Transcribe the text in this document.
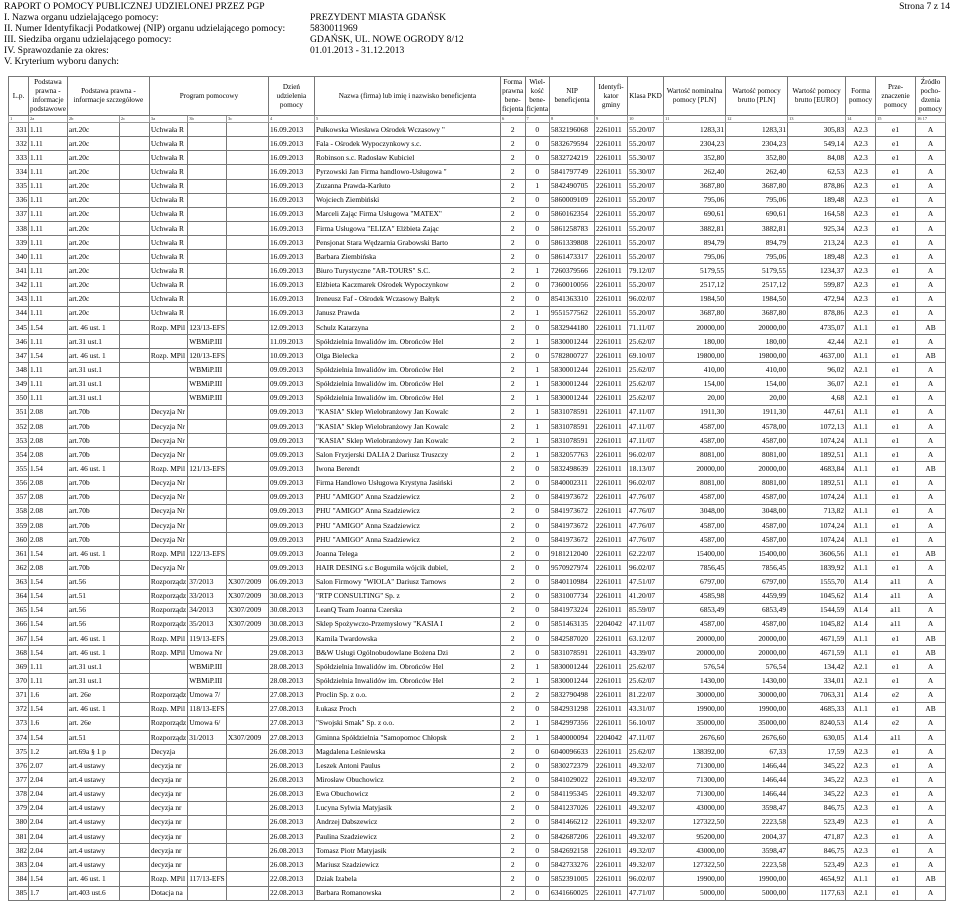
RAPORT O POMOCY PUBLICZNEJ UDZIELONEJ PRZEZ PGP	Strona 7 z 14
I. Nazwa organu udzielającego pomocy:	PREZYDENT MIASTA GDAŃSK
II. Numer Identyfikacji Podatkowej (NIP) organu udzielającego pomocy:	5830011969
III. Siedziba organu udzielającego pomocy:	GDAŃSK, UL. NOWE OGRODY 8/12
IV. Sprawozdanie za okres:	01.01.2013 - 31.12.2013
V. Kryterium wyboru danych:
L.p.	Podstawa prawna - informacje podstawowe	Podstawa prawna - informacje szczegółowe		Program pomocowy			Dzień udzielenia pomocy	Nazwa (firma) lub imię i nazwisko beneficjenta	Forma prawna bene-ficjenta	Wiel-kość bene-ficjenta	NIP beneficjenta	Identyfi-kator gminy	Klasa PKD	Wartość nominalna pomocy [PLN]	Wartość pomocy brutto [PLN]	Wartość pomocy brutto [EURO]	Forma pomocy	Prze-znaczenie pomocy	Źródło pocho-dzenia pomocy
1	2a	2b	2c	3a	3b	3c	4	5	6	7	8	9	10	11	12	13	14	15	16 17
331	1.11	art.20c		Uchwała R			16.09.2013	Pułkowska Wiesława Ośrodek Wczasowy "	2	0	5832196068	2261011	55.20/07	1283,31	1283,31	305,83	A2.3	e1	A
332	1.11	art.20c		Uchwała R			16.09.2013	Fala - Ośrodek Wypoczynkowy s.c.	2	0	5832679594	2261011	55.20/07	2304,23	2304,23	549,14	A2.3	e1	A
333	1.11	art.20c		Uchwała R			16.09.2013	Robinson s.c. Radosław Kubiciel	2	0	5832724219	2261011	55.30/07	352,80	352,80	84,08	A2.3	e1	A
334	1.11	art.20c		Uchwała R			16.09.2013	Pyrzowski Jan Firma handlowo-Usługowa "	2	0	5841797749	2261011	55.30/07	262,40	262,40	62,53	A2.3	e1	A
335	1.11	art.20c		Uchwała R			16.09.2013	Zuzanna Prawda-Karłuto	2	1	5842490705	2261011	55.20/07	3687,80	3687,80	878,86	A2.3	e1	A
336	1.11	art.20c		Uchwała R			16.09.2013	Wojciech Ziembiński	2	0	5860009109	2261011	55.20/07	795,06	795,06	189,48	A2.3	e1	A
337	1.11	art.20c		Uchwała R			16.09.2013	Marceli Zając Firma Usługowa "MATEX"	2	0	5860162354	2261011	55.20/07	690,61	690,61	164,58	A2.3	e1	A
338	1.11	art.20c		Uchwała R			16.09.2013	Firma Usługowa "ELIZA" Elżbieta Zając	2	0	5861258783	2261011	55.20/07	3882,81	3882,81	925,34	A2.3	e1	A
339	1.11	art.20c		Uchwała R			16.09.2013	Pensjonat Stara Wędzarnia Grabowski Barto	2	0	5861339808	2261011	55.20/07	894,79	894,79	213,24	A2.3	e1	A
340	1.11	art.20c		Uchwała R			16.09.2013	Barbara Ziembińska	2	0	5861473317	2261011	55.20/07	795,06	795,06	189,48	A2.3	e1	A
341	1.11	art.20c		Uchwała R			16.09.2013	Biuro Turystyczne "AR-TOURS" S.C.	2	1	7260379566	2261011	79.12/07	5179,55	5179,55	1234,37	A2.3	e1	A
342	1.11	art.20c		Uchwała R			16.09.2013	Elżbieta Kaczmarek Ośrodek Wypoczynkow	2	0	7360010056	2261011	55.20/07	2517,12	2517,12	599,87	A2.3	e1	A
343	1.11	art.20c		Uchwała R			16.09.2013	Ireneusz Faf - Ośrodek Wczasowy Bałtyk	2	0	8541363310	2261011	96.02/07	1984,50	1984,50	472,94	A2.3	e1	A
344	1.11	art.20c		Uchwała R			16.09.2013	Janusz Prawda	2	1	9551577562	2261011	55.20/07	3687,80	3687,80	878,86	A2.3	e1	A
345	1.54	art. 46 ust. 1		Rozp. MPil	123/13-EFS		12.09.2013	Schulz Katarzyna	2	0	5832944180	2261011	71.11/07	20000,00	20000,00	4735,07	A1.1	e1	AB
346	1.11	art.31 ust.1			WBMiP.III		11.09.2013	Spółdzielnia Inwalidów im. Obrońców Hel	2	1	5830001244	2261011	25.62/07	180,00	180,00	42,44	A2.1	e1	A
347	1.54	art. 46 ust. 1		Rozp. MPil	120/13-EFS		10.09.2013	Olga Bielecka	2	0	5782800727	2261011	69.10/07	19800,00	19800,00	4637,00	A1.1	e1	AB
348	1.11	art.31 ust.1			WBMiP.III		09.09.2013	Spółdzielnia Inwalidów im. Obrońców Hel	2	1	5830001244	2261011	25.62/07	410,00	410,00	96,02	A2.1	e1	A
349	1.11	art.31 ust.1			WBMiP.III		09.09.2013	Spółdzielnia Inwalidów im. Obrońców Hel	2	1	5830001244	2261011	25.62/07	154,00	154,00	36,07	A2.1	e1	A
350	1.11	art.31 ust.1			WBMiP.III		09.09.2013	Spółdzielnia Inwalidów im. Obrońców Hel	2	1	5830001244	2261011	25.62/07	20,00	20,00	4,68	A2.1	e1	A
351	2.08	art.70b		Decyzja Nr			09.09.2013	"KASIA" Sklep Wielobranżowy Jan Kowalc	2	1	5831078591	2261011	47.11/07	1911,30	1911,30	447,61	A1.1	e1	A
352	2.08	art.70b		Decyzja Nr			09.09.2013	"KASIA" Sklep Wielobranżowy Jan Kowalc	2	1	5831078591	2261011	47.11/07	4587,00	4578,00	1072,13	A1.1	e1	A
353	2.08	art.70b		Decyzja Nr			09.09.2013	"KASIA" Sklep Wielobranżowy Jan Kowalc	2	1	5831078591	2261011	47.11/07	4587,00	4587,00	1074,24	A1.1	e1	A
354	2.08	art.70b		Decyzja Nr			09.09.2013	Salon Fryzjerski DALIA 2 Dariusz Truszczy	2	1	5832057763	2261011	96.02/07	8081,00	8081,00	1892,51	A1.1	e1	A
355	1.54	art. 46 ust. 1		Rozp. MPil	121/13-EFS		09.09.2013	Iwona Berendt	2	0	5832498639	2261011	18.13/07	20000,00	20000,00	4683,84	A1.1	e1	AB
356	2.08	art.70b		Decyzja Nr			09.09.2013	Firma Handlowo Usługowa Krystyna Jasiński	2	0	5840002311	2261011	96.02/07	8081,00	8081,00	1892,51	A1.1	e1	A
357	2.08	art.70b		Decyzja Nr			09.09.2013	PHU "AMIGO" Anna Szadziewicz	2	0	5841973672	2261011	47.76/07	4587,00	4587,00	1074,24	A1.1	e1	A
358	2.08	art.70b		Decyzja Nr			09.09.2013	PHU "AMIGO" Anna Szadziewicz	2	0	5841973672	2261011	47.76/07	3048,00	3048,00	713,82	A1.1	e1	A
359	2.08	art.70b		Decyzja Nr			09.09.2013	PHU "AMIGO" Anna Szadziewicz	2	0	5841973672	2261011	47.76/07	4587,00	4587,00	1074,24	A1.1	e1	A
360	2.08	art.70b		Decyzja Nr			09.09.2013	PHU "AMIGO" Anna Szadziewicz	2	0	5841973672	2261011	47.76/07	4587,00	4587,00	1074,24	A1.1	e1	A
361	1.54	art. 46 ust. 1		Rozp. MPil	122/13-EFS		09.09.2013	Joanna Telega	2	0	9181212040	2261011	62.22/07	15400,00	15400,00	3606,56	A1.1	e1	AB
362	2.08	art.70b		Decyzja Nr			09.09.2013	HAIR DESING s.c Bogumiła wójcik dubiel,	2	0	9570927974	2261011	96.02/07	7856,45	7856,45	1839,92	A1.1	e1	A
363	1.54	art.56		Rozporządz	37/2013	X307/2009	06.09.2013	Salon Firmowy "WIOLA" Dariusz Tarnows	2	0	5840110984	2261011	47.51/07	6797,00	6797,00	1555,70	A1.4	a11	A
364	1.54	art.51		Rozporządz	33/2013	X307/2009	30.08.2013	"RTP CONSULTING" Sp. z	2	0	5831007734	2261011	41.20/07	4585,98	4459,99	1045,62	A1.4	a11	A
365	1.54	art.56		Rozporządz	34/2013	X307/2009	30.08.2013	LeanQ Team Joanna Czerska	2	0	5841973224	2261011	85.59/07	6853,49	6853,49	1544,59	A1.4	a11	A
366	1.54	art.56		Rozporządz	35/2013	X307/2009	30.08.2013	Sklep Spożywczo-Przemysłowy "KASIA I	2	0	5851463135	2204042	47.11/07	4587,00	4587,00	1045,82	A1.4	a11	A
367	1.54	art. 46 ust. 1		Rozp. MPil	119/13-EFS		29.08.2013	Kamila Twardowska	2	0	5842587020	2261011	63.12/07	20000,00	20000,00	4671,59	A1.1	e1	AB
368	1.54	art. 46 ust. 1		Rozp. MPil	Umowa Nr		29.08.2013	B&W Usługi Ogólnobudowlane Bożena Dzi	2	0	5831078591	2261011	43.39/07	20000,00	20000,00	4671,59	A1.1	e1	AB
369	1.11	art.31 ust.1			WBMiP.III		28.08.2013	Spółdzielnia Inwalidów im. Obrońców Hel	2	1	5830001244	2261011	25.62/07	576,54	576,54	134,42	A2.1	e1	A
370	1.11	art.31 ust.1			WBMiP.III		28.08.2013	Spółdzielnia Inwalidów im. Obrońców Hel	2	1	5830001244	2261011	25.62/07	1430,00	1430,00	334,01	A2.1	e1	A
371	1.6	art. 26e		Rozporządz	Umowa 7/		27.08.2013	Proclin Sp. z o.o.	2	2	5832790498	2261011	81.22/07	30000,00	30000,00	7063,31	A1.4	e2	A
372	1.54	art. 46 ust. 1		Rozp. MPil	118/13-EFS		27.08.2013	Łukasz Proch	2	0	5842931298	2261011	43.31/07	19900,00	19900,00	4685,33	A1.1	e1	AB
373	1.6	art. 26e		Rozporządz	Umowa 6/		27.08.2013	"Swojski Smak" Sp. z o.o.	2	1	5842997356	2261011	56.10/07	35000,00	35000,00	8240,53	A1.4	e2	A
374	1.54	art.51		Rozporządz	31/2013	X307/2009	27.08.2013	Gminna Spółdzielnia "Samopomoc Chłopsk	2	1	5840000094	2204042	47.11/07	2676,60	2676,60	630,05	A1.4	a11	A
375	1.2	art.69a § 1 p		Decyzja			26.08.2013	Magdalena Leśniewska	2	0	6040096633	2261011	25.62/07	138392,00	67,33	17,59	A2.3	e1	A
376	2.07	art.4 ustawy		decyzja nr			26.08.2013	Leszek Antoni Paulus	2	0	5830272379	2261011	49.32/07	71300,00	1466,44	345,22	A2.3	e1	A
377	2.04	art.4 ustawy		decyzja nr			26.08.2013	Mirosław Obuchowicz	2	0	5841029022	2261011	49.32/07	71300,00	1466,44	345,22	A2.3	e1	A
378	2.04	art.4 ustawy		decyzja nr			26.08.2013	Ewa Obuchowicz	2	0	5841195345	2261011	49.32/07	71300,00	1466,44	345,22	A2.3	e1	A
379	2.04	art.4 ustawy		decyzja nr			26.08.2013	Lucyna Sylwia Matyjasik	2	0	5841237026	2261011	49.32/07	43000,00	3598,47	846,75	A2.3	e1	A
380	2.04	art.4 ustawy		decyzja nr			26.08.2013	Andrzej Dabszewicz	2	0	5841466212	2261011	49.32/07	127322,50	2223,58	523,49	A2.3	e1	A
381	2.04	art.4 ustawy		decyzja nr			26.08.2013	Paulina Szadziewicz	2	0	5842687206	2261011	49.32/07	95200,00	2004,37	471,87	A2.3	e1	A
382	2.04	art.4 ustawy		decyzja nr			26.08.2013	Tomasz Piotr Matyjasik	2	0	5842692158	2261011	49.32/07	43000,00	3598,47	846,75	A2.3	e1	A
383	2.04	art.4 ustawy		decyzja nr			26.08.2013	Mariusz Szadziewicz	2	0	5842733276	2261011	49.32/07	127322,50	2223,58	523,49	A2.3	e1	A
384	1.54	art. 46 ust. 1		Rozp. MPil	117/13-EFS		22.08.2013	Dziak Izabela	2	0	5852391005	2261011	96.02/07	19900,00	19900,00	4654,92	A1.1	e1	AB
385	1.7	art.403 ust.6		Dotacja na			22.08.2013	Barbara Romanowska	2	0	6341660025	2261011	47.71/07	5000,00	5000,00	1177,63	A2.1	e1	A
